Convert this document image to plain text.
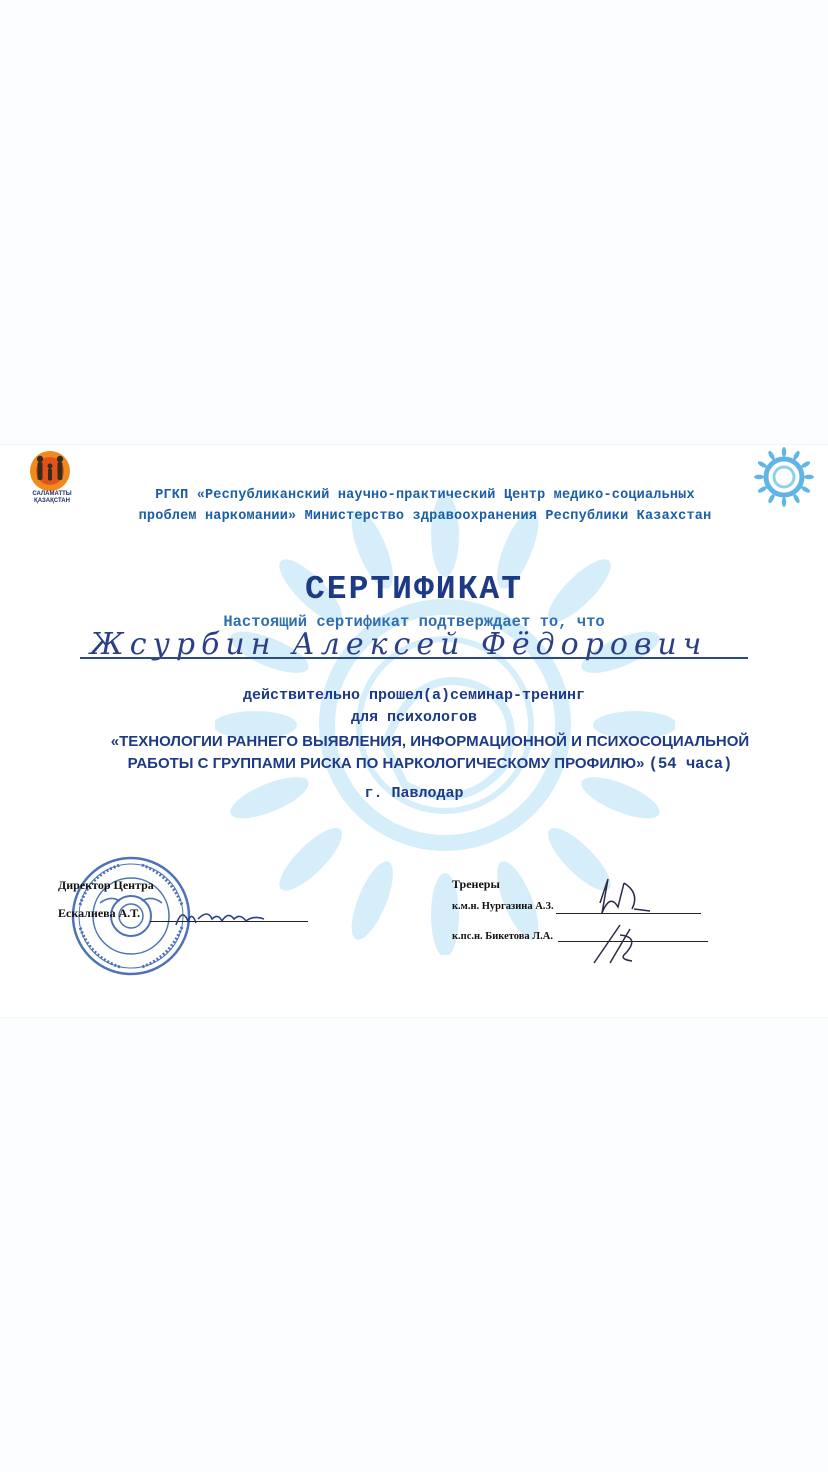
САЛАМАТТЫ ҚАЗАҚСТАН	РГКП «Республиканский научно-практический Центр медико-социальных
проблем наркомании» Министерство здравоохранения Республики Казахстан
СЕРТИФИКАТ
Настоящий сертификат подтверждает то, что
Жcурбин Алексей Фёдорович
действительно прошел(а)семинар-тренинг
для психологов
«ТЕХНОЛОГИИ РАННЕГО ВЫЯВЛЕНИЯ, ИНФОРМАЦИОННОЙ И ПСИХОСОЦИАЛЬНОЙ
РАБОТЫ С ГРУППАМИ РИСКА ПО НАРКОЛОГИЧЕСКОМУ ПРОФИЛЮ» (54 часа)
г. Павлодар
Директор Центра
Ескалиева А.Т.
Тренеры
к.м.н. Нургазина А.З.
к.пс.н. Бикетова Л.А.
